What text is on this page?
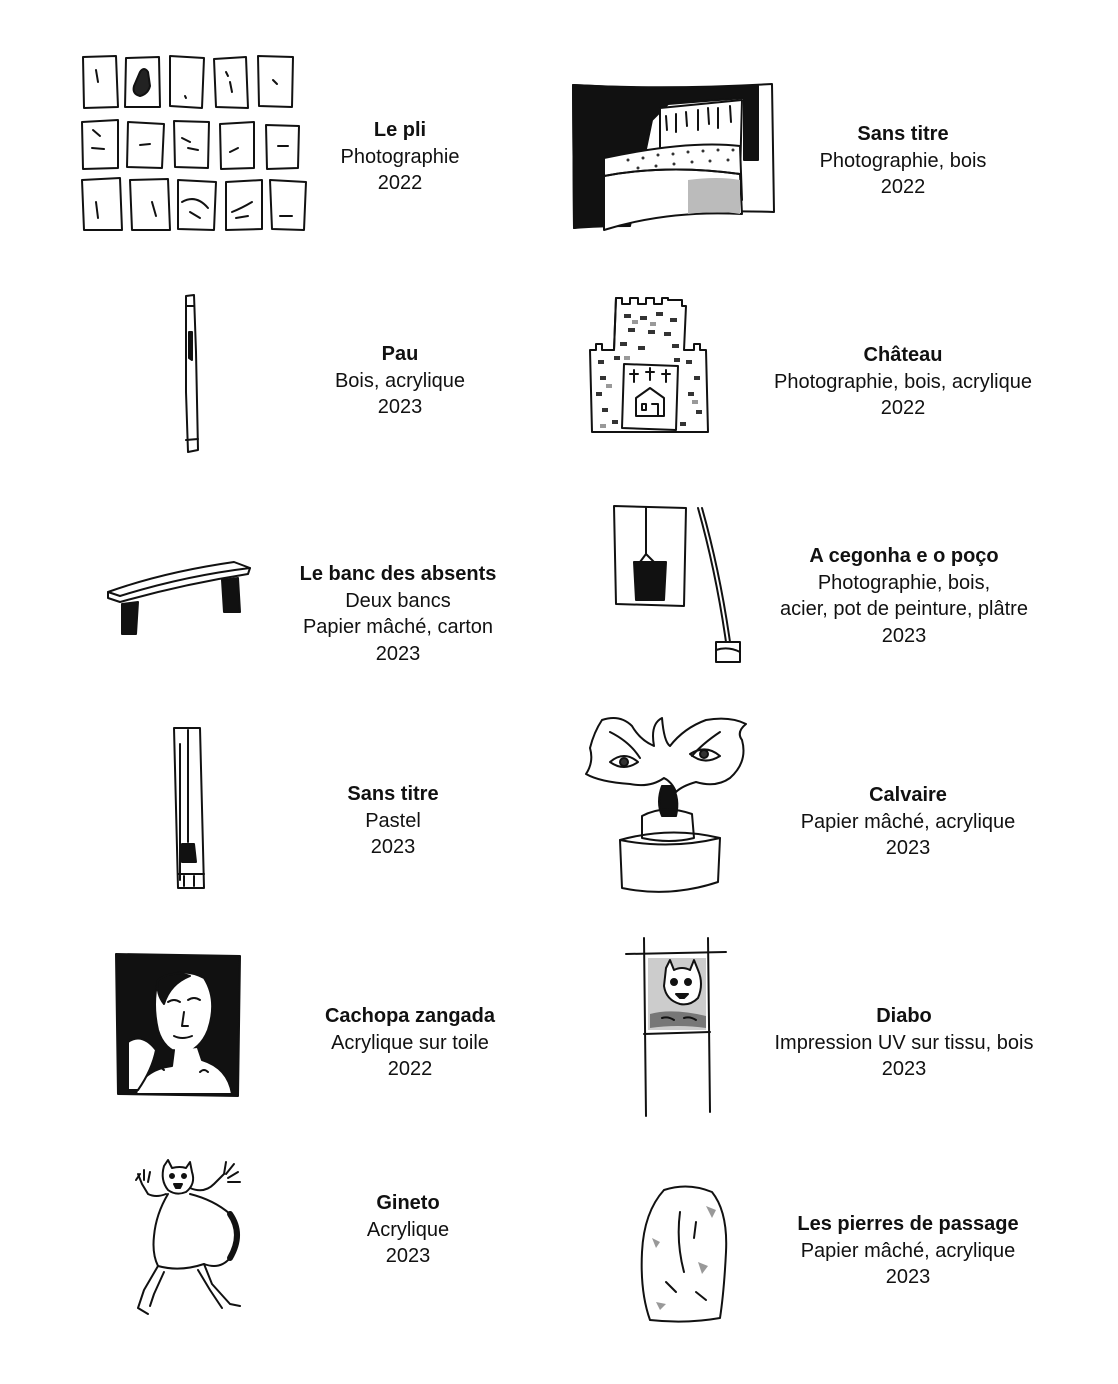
Le pli
Photographie
2022
Sans titre
Photographie, bois
2022
Pau
Bois, acrylique
2023
Château
Photographie, bois, acrylique
2022
Le banc des absents
Deux bancs
Papier mâché, carton
2023
A cegonha e o poço
Photographie, bois,
acier, pot de peinture, plâtre
2023
Sans titre
Pastel
2023
Calvaire
Papier mâché, acrylique
2023
Cachopa zangada
Acrylique sur toile
2022
Diabo
Impression UV sur tissu, bois
2023
Gineto
Acrylique
2023
Les pierres de passage
Papier mâché, acrylique
2023
